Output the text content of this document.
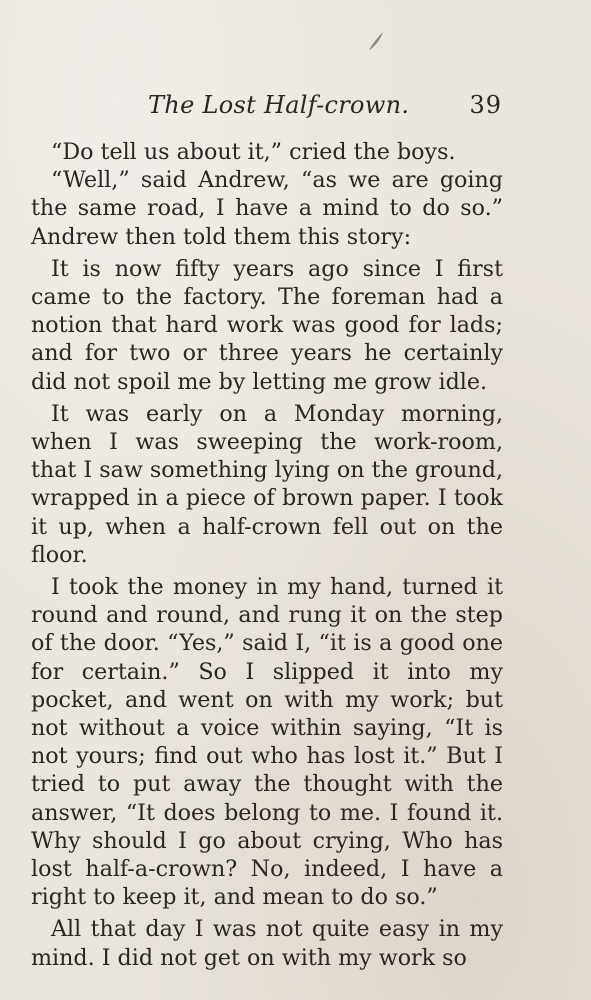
The Lost Half-crown.	39

“Do tell us about it,” cried the boys.

“Well,” said Andrew, “as we are going the same road, I have a mind to do so.” Andrew then told them this story:

It is now fifty years ago since I first came to the factory. The foreman had a notion that hard work was good for lads; and for two or three years he certainly did not spoil me by letting me grow idle.

It was early on a Monday morning, when I was sweeping the work-room, that I saw something lying on the ground, wrapped in a piece of brown paper. I took it up, when a half-crown fell out on the floor.

I took the money in my hand, turned it round and round, and rung it on the step of the door. “Yes,” said I, “it is a good one for certain.” So I slipped it into my pocket, and went on with my work; but not without a voice within saying, “It is not yours; find out who has lost it.” But I tried to put away the thought with the answer, “It does belong to me. I found it. Why should I go about crying, Who has lost half-a-crown? No, indeed, I have a right to keep it, and mean to do so.”

All that day I was not quite easy in my mind. I did not get on with my work so
